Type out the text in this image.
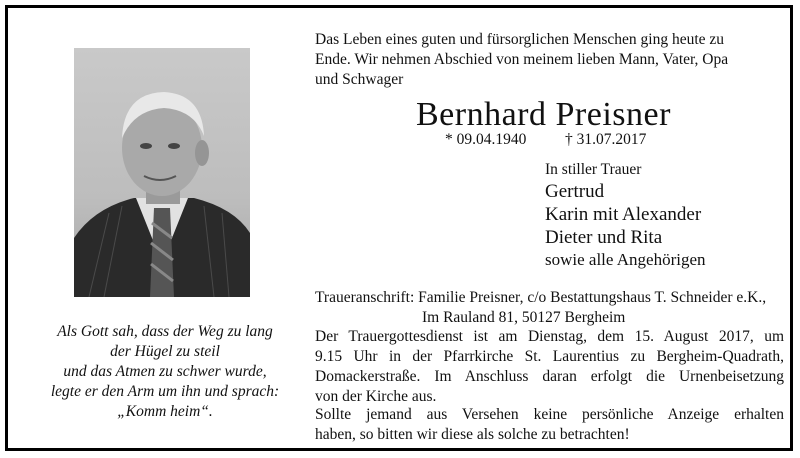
Als Gott sah, dass der Weg zu lang
der Hügel zu steil
und das Atmen zu schwer wurde,
legte er den Arm um ihn und sprach:
„Komm heim“.
Das Leben eines guten und fürsorglichen Menschen ging heute zu
Ende. Wir nehmen Abschied von meinem lieben Mann, Vater, Opa
und Schwager
Bernhard Preisner
* 09.04.1940 † 31.07.2017
In stiller Trauer
Gertrud
Karin mit Alexander
Dieter und Rita
sowie alle Angehörigen
Traueranschrift: Familie Preisner, c/o Bestattungshaus T. Schneider e.K.,
Im Rauland 81, 50127 Bergheim
Der Trauergottesdienst ist am Dienstag, dem 15. August 2017, um
9.15 Uhr in der Pfarrkirche St. Laurentius zu Bergheim-Quadrath,
Domackerstraße. Im Anschluss daran erfolgt die Urnenbeisetzung
von der Kirche aus.
Sollte jemand aus Versehen keine persönliche Anzeige erhalten
haben, so bitten wir diese als solche zu betrachten!
